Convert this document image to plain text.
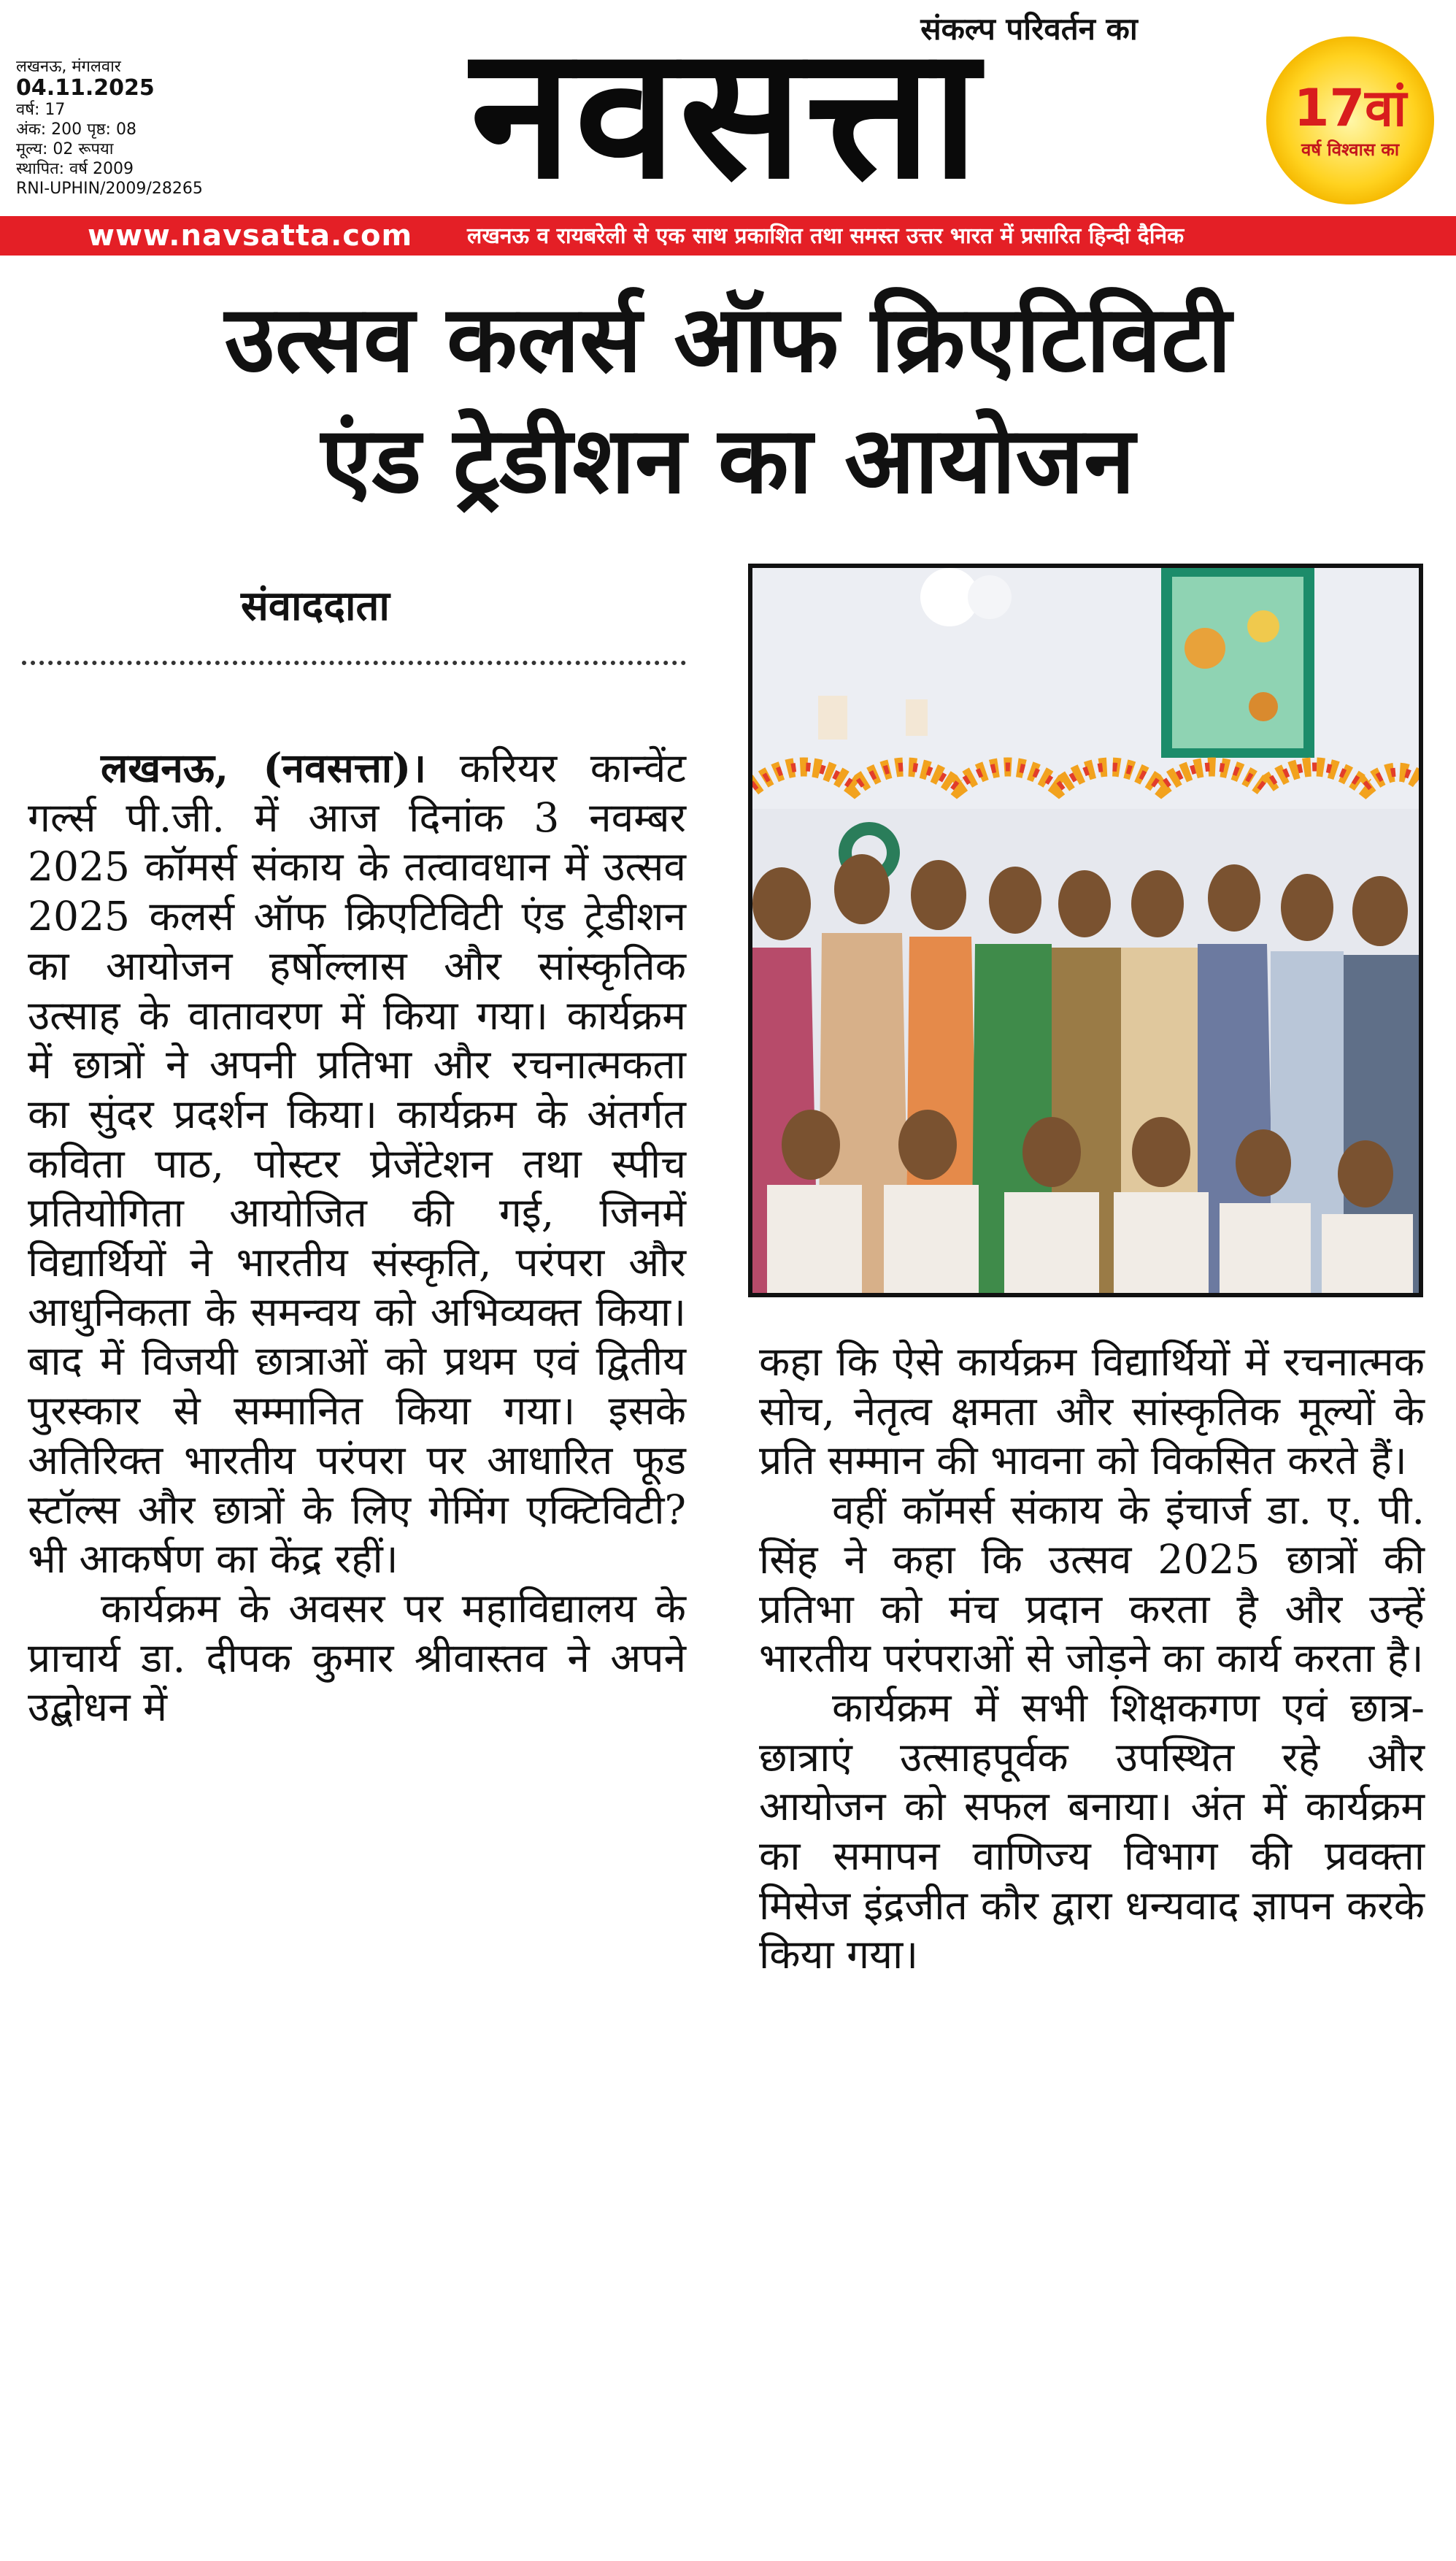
संकल्प परिवर्तन का
लखनऊ, मंगलवार
04.11.2025
वर्ष: 17
अंक: 200 पृष्ठ: 08
मूल्य: 02 रूपया
स्थापित: वर्ष 2009
RNI-UPHIN/2009/28265	नवसत्ता	17वां
वर्ष विश्वास का
www.navsatta.com लखनऊ व रायबरेली से एक साथ प्रकाशित तथा समस्त उत्तर भारत में प्रसारित हिन्दी दैनिक
उत्सव कलर्स ऑफ क्रिएटिविटी
एंड ट्रेडीशन का आयोजन
संवाददाता

लखनऊ, (नवसत्ता)। करियर कान्वेंट गर्ल्स पी.जी. में आज दिनांक 3 नवम्बर 2025 कॉमर्स संकाय के तत्वावधान में उत्सव 2025 कलर्स ऑफ क्रिएटिविटी एंड ट्रेडीशन का आयोजन हर्षोल्लास और सांस्कृतिक उत्साह के वातावरण में किया गया। कार्यक्रम में छात्रों ने अपनी प्रतिभा और रचनात्मकता का सुंदर प्रदर्शन किया। कार्यक्रम के अंतर्गत कविता पाठ, पोस्टर प्रेजेंटेशन तथा स्पीच प्रतियोगिता आयोजित की गई, जिनमें विद्यार्थियों ने भारतीय संस्कृति, परंपरा और आधुनिकता के समन्वय को अभिव्यक्त किया। बाद में विजयी छात्राओं को प्रथम एवं द्वितीय पुरस्कार से सम्मानित किया गया। इसके अतिरिक्त भारतीय परंपरा पर आधारित फूड स्टॉल्स और छात्रों के लिए गेमिंग एक्टिविटी? भी आकर्षण का केंद्र रहीं।

कार्यक्रम के अवसर पर महाविद्यालय के प्राचार्य डा. दीपक कुमार श्रीवास्तव ने अपने उद्बोधन में

कहा कि ऐसे कार्यक्रम विद्यार्थियों में रचनात्मक सोच, नेतृत्व क्षमता और सांस्कृतिक मूल्यों के प्रति सम्मान की भावना को विकसित करते हैं।

वहीं कॉमर्स संकाय के इंचार्ज डा. ए. पी. सिंह ने कहा कि उत्सव 2025 छात्रों की प्रतिभा को मंच प्रदान करता है और उन्हें भारतीय परंपराओं से जोड़ने का कार्य करता है।

कार्यक्रम में सभी शिक्षकगण एवं छात्र-छात्राएं उत्साहपूर्वक उपस्थित रहे और आयोजन को सफल बनाया। अंत में कार्यक्रम का समापन वाणिज्य विभाग की प्रवक्ता मिसेज इंद्रजीत कौर द्वारा धन्यवाद ज्ञापन करके किया गया।
